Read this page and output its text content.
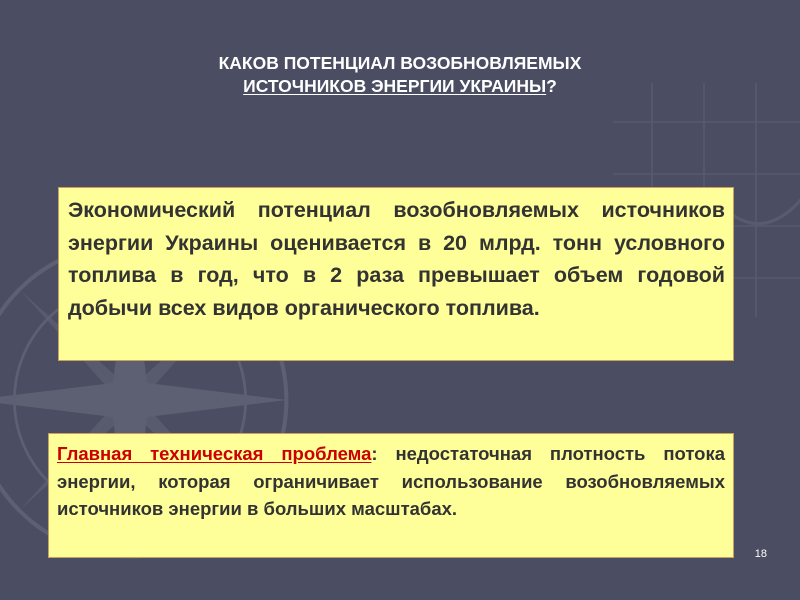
КАКОВ ПОТЕНЦИАЛ ВОЗОБНОВЛЯЕМЫХ
ИСТОЧНИКОВ ЭНЕРГИИ УКРАИНЫ?

Экономический потенциал возобновляемых источников энергии Украины оценивается в 20 млрд. тонн условного топлива в год, что в 2 раза превышает объем годовой добычи всех видов органического топлива.

Главная техническая проблема: недостаточная плотность потока энергии, которая ограничивает использование возобновляемых источников энергии в больших масштабах.

18
